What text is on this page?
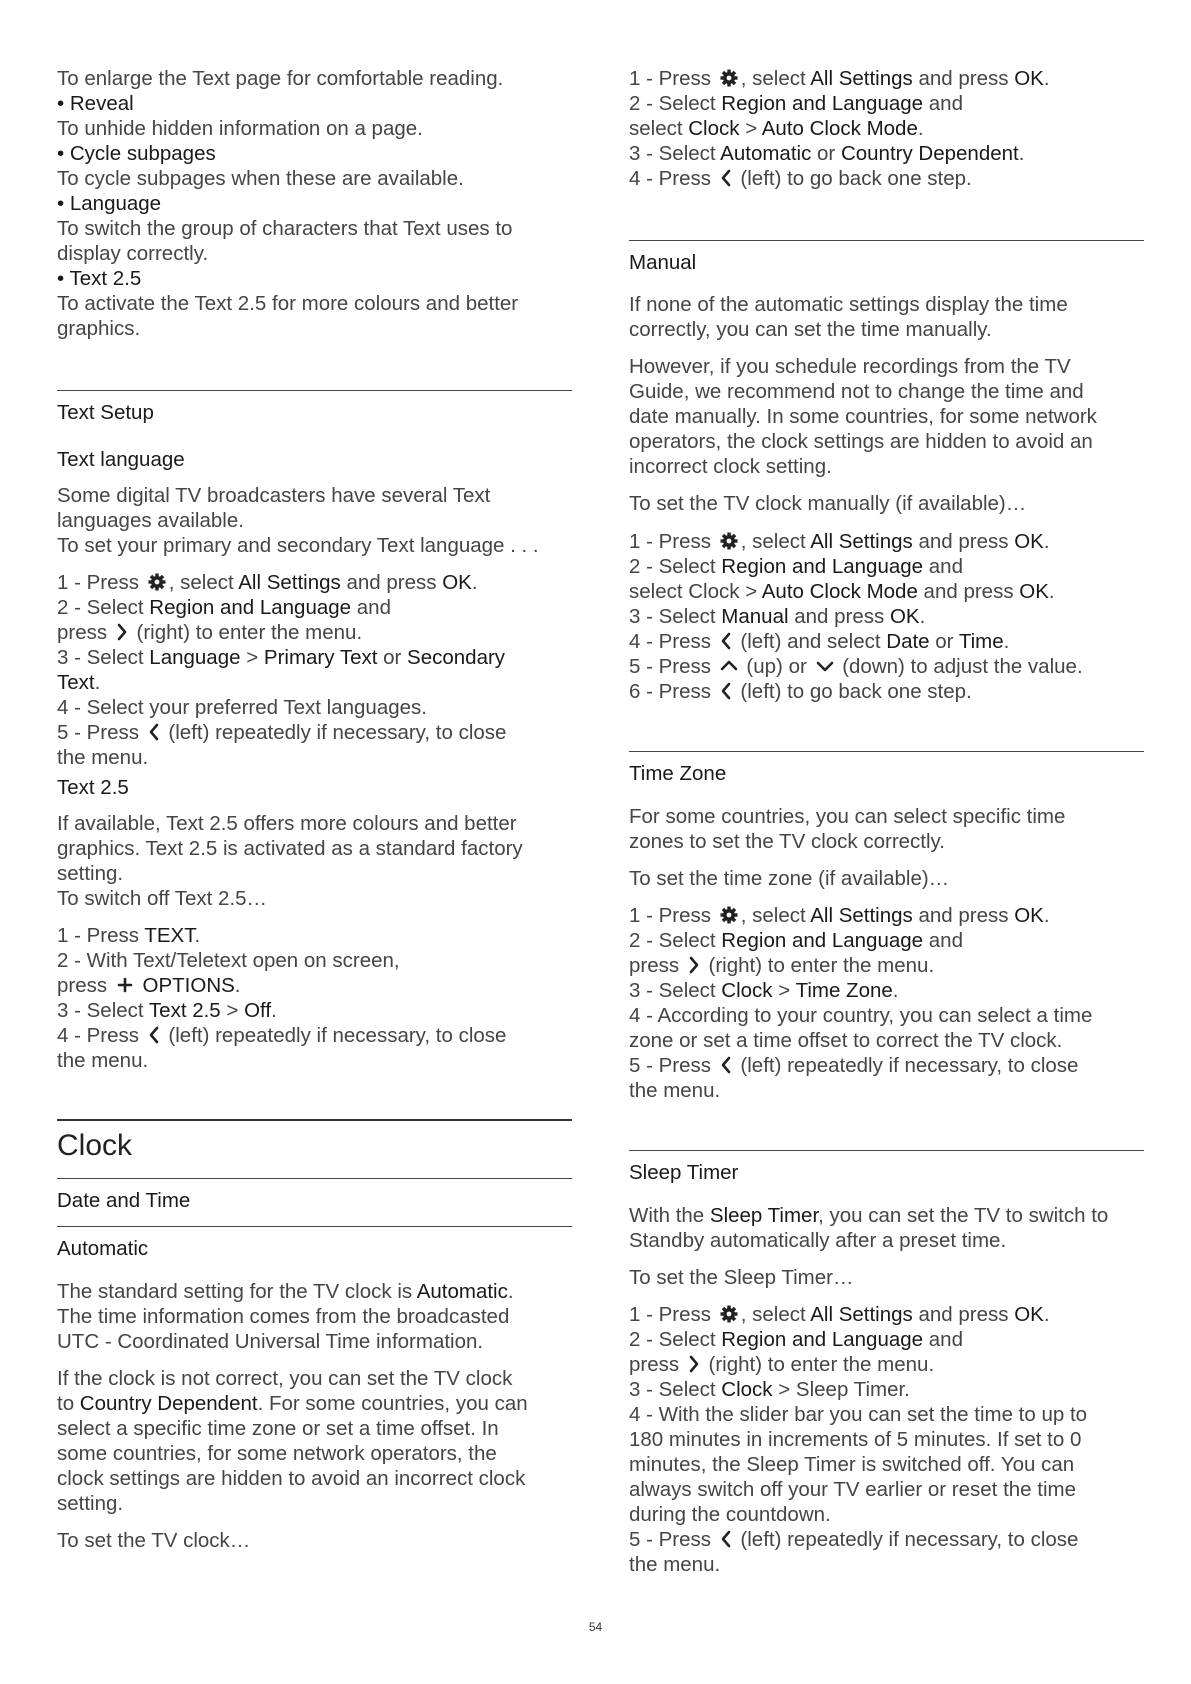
To enlarge the Text page for comfortable reading.
• Reveal
To unhide hidden information on a page.
• Cycle subpages
To cycle subpages when these are available.
• Language
To switch the group of characters that Text uses to
display correctly.
• Text 2.5
To activate the Text 2.5 for more colours and better
graphics.
Text Setup
Text language
Some digital TV broadcasters have several Text
languages available.
To set your primary and secondary Text language . . .
1 - Press , select All Settings and press OK.
2 - Select Region and Language and
press  (right) to enter the menu.
3 - Select Language > Primary Text or Secondary
Text.
4 - Select your preferred Text languages.
5 - Press  (left) repeatedly if necessary, to close
the menu.
Text 2.5
If available, Text 2.5 offers more colours and better
graphics. Text 2.5 is activated as a standard factory
setting.
To switch off Text 2.5…
1 - Press TEXT.
2 - With Text/Teletext open on screen,
press  OPTIONS.
3 - Select Text 2.5 > Off.
4 - Press  (left) repeatedly if necessary, to close
the menu.
Clock
Date and Time
Automatic
The standard setting for the TV clock is Automatic.
The time information comes from the broadcasted
UTC - Coordinated Universal Time information.
If the clock is not correct, you can set the TV clock
to Country Dependent. For some countries, you can
select a specific time zone or set a time offset. In
some countries, for some network operators, the
clock settings are hidden to avoid an incorrect clock
setting.
To set the TV clock…
1 - Press , select All Settings and press OK.
2 - Select Region and Language and
select Clock > Auto Clock Mode.
3 - Select Automatic or Country Dependent.
4 - Press  (left) to go back one step.
Manual
If none of the automatic settings display the time
correctly, you can set the time manually.
However, if you schedule recordings from the TV
Guide, we recommend not to change the time and
date manually. In some countries, for some network
operators, the clock settings are hidden to avoid an
incorrect clock setting.
To set the TV clock manually (if available)…
1 - Press , select All Settings and press OK.
2 - Select Region and Language and
select Clock > Auto Clock Mode and press OK.
3 - Select Manual and press OK.
4 - Press  (left) and select Date or Time.
5 - Press  (up) or  (down) to adjust the value.
6 - Press  (left) to go back one step.
Time Zone
For some countries, you can select specific time
zones to set the TV clock correctly.
To set the time zone (if available)…
1 - Press , select All Settings and press OK.
2 - Select Region and Language and
press  (right) to enter the menu.
3 - Select Clock > Time Zone.
4 - According to your country, you can select a time
zone or set a time offset to correct the TV clock.
5 - Press  (left) repeatedly if necessary, to close
the menu.
Sleep Timer
With the Sleep Timer, you can set the TV to switch to
Standby automatically after a preset time.
To set the Sleep Timer…
1 - Press , select All Settings and press OK.
2 - Select Region and Language and
press  (right) to enter the menu.
3 - Select Clock > Sleep Timer.
4 - With the slider bar you can set the time to up to
180 minutes in increments of 5 minutes. If set to 0
minutes, the Sleep Timer is switched off. You can
always switch off your TV earlier or reset the time
during the countdown.
5 - Press  (left) repeatedly if necessary, to close
the menu.
54
